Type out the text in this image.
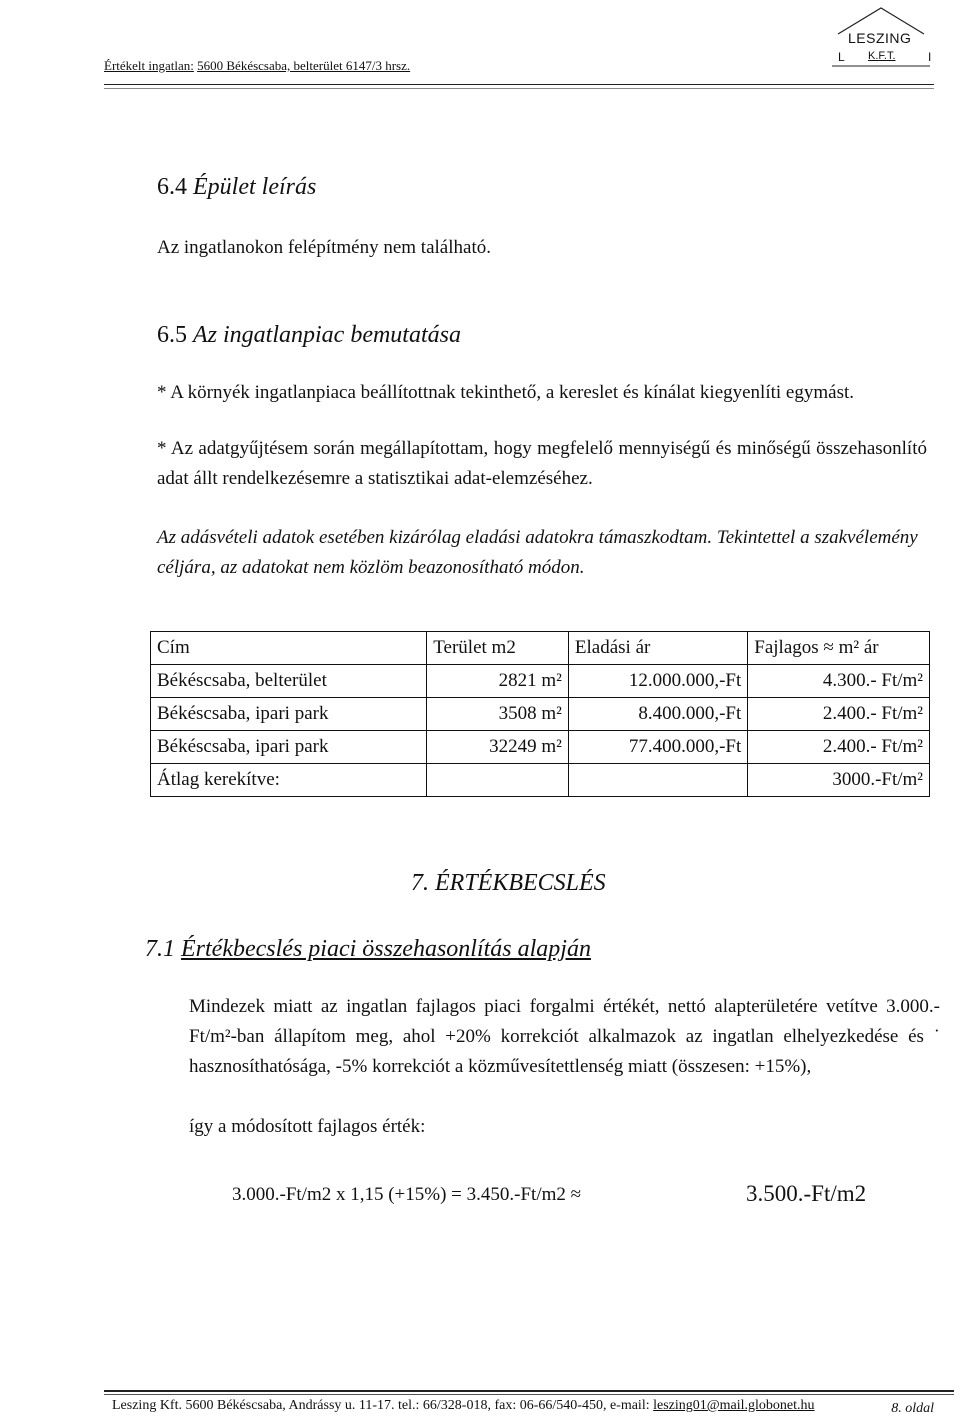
Értékelt ingatlan: 5600 Békéscsaba, belterület 6147/3 hrsz.
LESZING
L K.F.T.	I
6.4 Épület leírás
Az ingatlanokon felépítmény nem található.
6.5 Az ingatlanpiac bemutatása
* A környék ingatlanpiaca beállítottnak tekinthető, a kereslet és kínálat kiegyenlíti egymást.
* Az adatgyűjtésem során megállapítottam, hogy megfelelő mennyiségű és minőségű összehasonlító adat állt rendelkezésemre a statisztikai adat-elemzéséhez.
Az adásvételi adatok esetében kizárólag eladási adatokra támaszkodtam. Tekintettel a szakvélemény céljára, az adatokat nem közlöm beazonosítható módon.
Cím	Terület m2	Eladási ár	Fajlagos ≈ m² ár
Békéscsaba, belterület	2821 m²	12.000.000,-Ft	4.300.- Ft/m²
Békéscsaba, ipari park	3508 m²	8.400.000,-Ft	2.400.- Ft/m²
Békéscsaba, ipari park	32249 m²	77.400.000,-Ft	2.400.- Ft/m²
Átlag kerekítve:			3000.-Ft/m²
7. ÉRTÉKBECSLÉS
7.1 Értékbecslés piaci összehasonlítás alapján
Mindezek miatt az ingatlan fajlagos piaci forgalmi értékét, nettó alapterületére vetítve 3.000.-Ft/m²-ban állapítom meg, ahol +20% korrekciót alkalmazok az ingatlan elhelyezkedése és ˙ hasznosíthatósága, -5% korrekciót a közművesítettlenség miatt (összesen: +15%),
így a módosított fajlagos érték:
3.000.-Ft/m2 x 1,15 (+15%) = 3.450.-Ft/m2 ≈	3.500.-Ft/m2
Leszing Kft. 5600 Békéscsaba, Andrássy u. 11-17. tel.: 66/328-018, fax: 06-66/540-450, e-mail: leszing01@mail.globonet.hu	8. oldal
